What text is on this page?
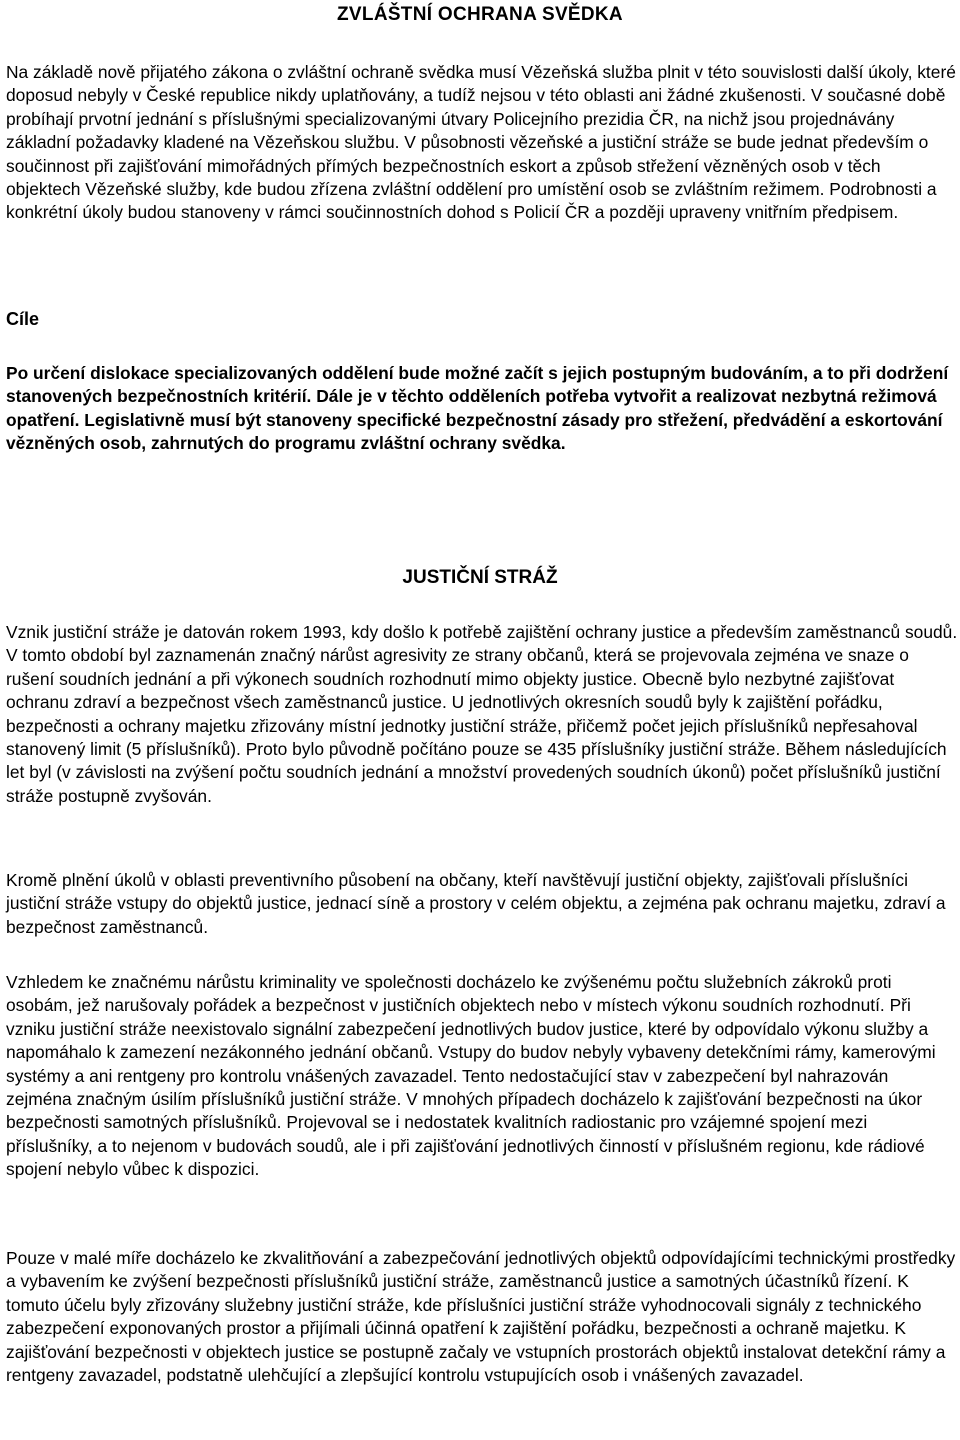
ZVLÁŠTNÍ OCHRANA SVĚDKA

Na základě nově přijatého zákona o zvláštní ochraně svědka musí Vězeňská služba plnit v této souvislosti další úkoly, které doposud nebyly v České republice nikdy uplatňovány, a tudíž nejsou v této oblasti ani žádné zkušenosti. V současné době probíhají prvotní jednání s příslušnými specializovanými útvary Policejního prezidia ČR, na nichž jsou projednávány základní požadavky kladené na Vězeňskou službu. V působnosti vězeňské a justiční stráže se bude jednat především o součinnost při zajišťování mimořádných přímých bezpečnostních eskort a způsob střežení vězněných osob v těch objektech Vězeňské služby, kde budou zřízena zvláštní oddělení pro umístění osob se zvláštním režimem. Podrobnosti a konkrétní úkoly budou stanoveny v rámci součinnostních dohod s Policií ČR a později upraveny vnitřním předpisem.

Cíle

Po určení dislokace specializovaných oddělení bude možné začít s jejich postupným budováním, a to při dodržení stanovených bezpečnostních kritérií. Dále je v těchto odděleních potřeba vytvořit a realizovat nezbytná režimová opatření. Legislativně musí být stanoveny specifické bezpečnostní zásady pro střežení, předvádění a eskortování vězněných osob, zahrnutých do programu zvláštní ochrany svědka.

JUSTIČNÍ STRÁŽ

Vznik justiční stráže je datován rokem 1993, kdy došlo k potřebě zajištění ochrany justice a především zaměstnanců soudů. V tomto období byl zaznamenán značný nárůst agresivity ze strany občanů, která se projevovala zejména ve snaze o rušení soudních jednání a při výkonech soudních rozhodnutí mimo objekty justice. Obecně bylo nezbytné zajišťovat ochranu zdraví a bezpečnost všech zaměstnanců justice. U jednotlivých okresních soudů byly k zajištění pořádku, bezpečnosti a ochrany majetku zřizovány místní jednotky justiční stráže, přičemž počet jejich příslušníků nepřesahoval stanovený limit (5 příslušníků). Proto bylo původně počítáno pouze se 435 příslušníky justiční stráže. Během následujících let byl (v závislosti na zvýšení počtu soudních jednání a množství provedených soudních úkonů) počet příslušníků justiční stráže postupně zvyšován.

Kromě plnění úkolů v oblasti preventivního působení na občany, kteří navštěvují justiční objekty, zajišťovali příslušníci justiční stráže vstupy do objektů justice, jednací síně a prostory v celém objektu, a zejména pak ochranu majetku, zdraví a bezpečnost zaměstnanců.

Vzhledem ke značnému nárůstu kriminality ve společnosti docházelo ke zvýšenému počtu služebních zákroků proti osobám, jež narušovaly pořádek a bezpečnost v justičních objektech nebo v místech výkonu soudních rozhodnutí. Při vzniku justiční stráže neexistovalo signální zabezpečení jednotlivých budov justice, které by odpovídalo výkonu služby a napomáhalo k zamezení nezákonného jednání občanů. Vstupy do budov nebyly vybaveny detekčními rámy, kamerovými systémy a ani rentgeny pro kontrolu vnášených zavazadel. Tento nedostačující stav v zabezpečení byl nahrazován zejména značným úsilím příslušníků justiční stráže. V mnohých případech docházelo k zajišťování bezpečnosti na úkor bezpečnosti samotných příslušníků. Projevoval se i nedostatek kvalitních radiostanic pro vzájemné spojení mezi příslušníky, a to nejenom v budovách soudů, ale i při zajišťování jednotlivých činností v příslušném regionu, kde rádiové spojení nebylo vůbec k dispozici.

Pouze v malé míře docházelo ke zkvalitňování a zabezpečování jednotlivých objektů odpovídajícími technickými prostředky a vybavením ke zvýšení bezpečnosti příslušníků justiční stráže, zaměstnanců justice a samotných účastníků řízení. K tomuto účelu byly zřizovány služebny justiční stráže, kde příslušníci justiční stráže vyhodnocovali signály z technického zabezpečení exponovaných prostor a přijímali účinná opatření k zajištění pořádku, bezpečnosti a ochraně majetku. K zajišťování bezpečnosti v objektech justice se postupně začaly ve vstupních prostorách objektů instalovat detekční rámy a rentgeny zavazadel, podstatně ulehčující a zlepšující kontrolu vstupujících osob i vnášených zavazadel.
